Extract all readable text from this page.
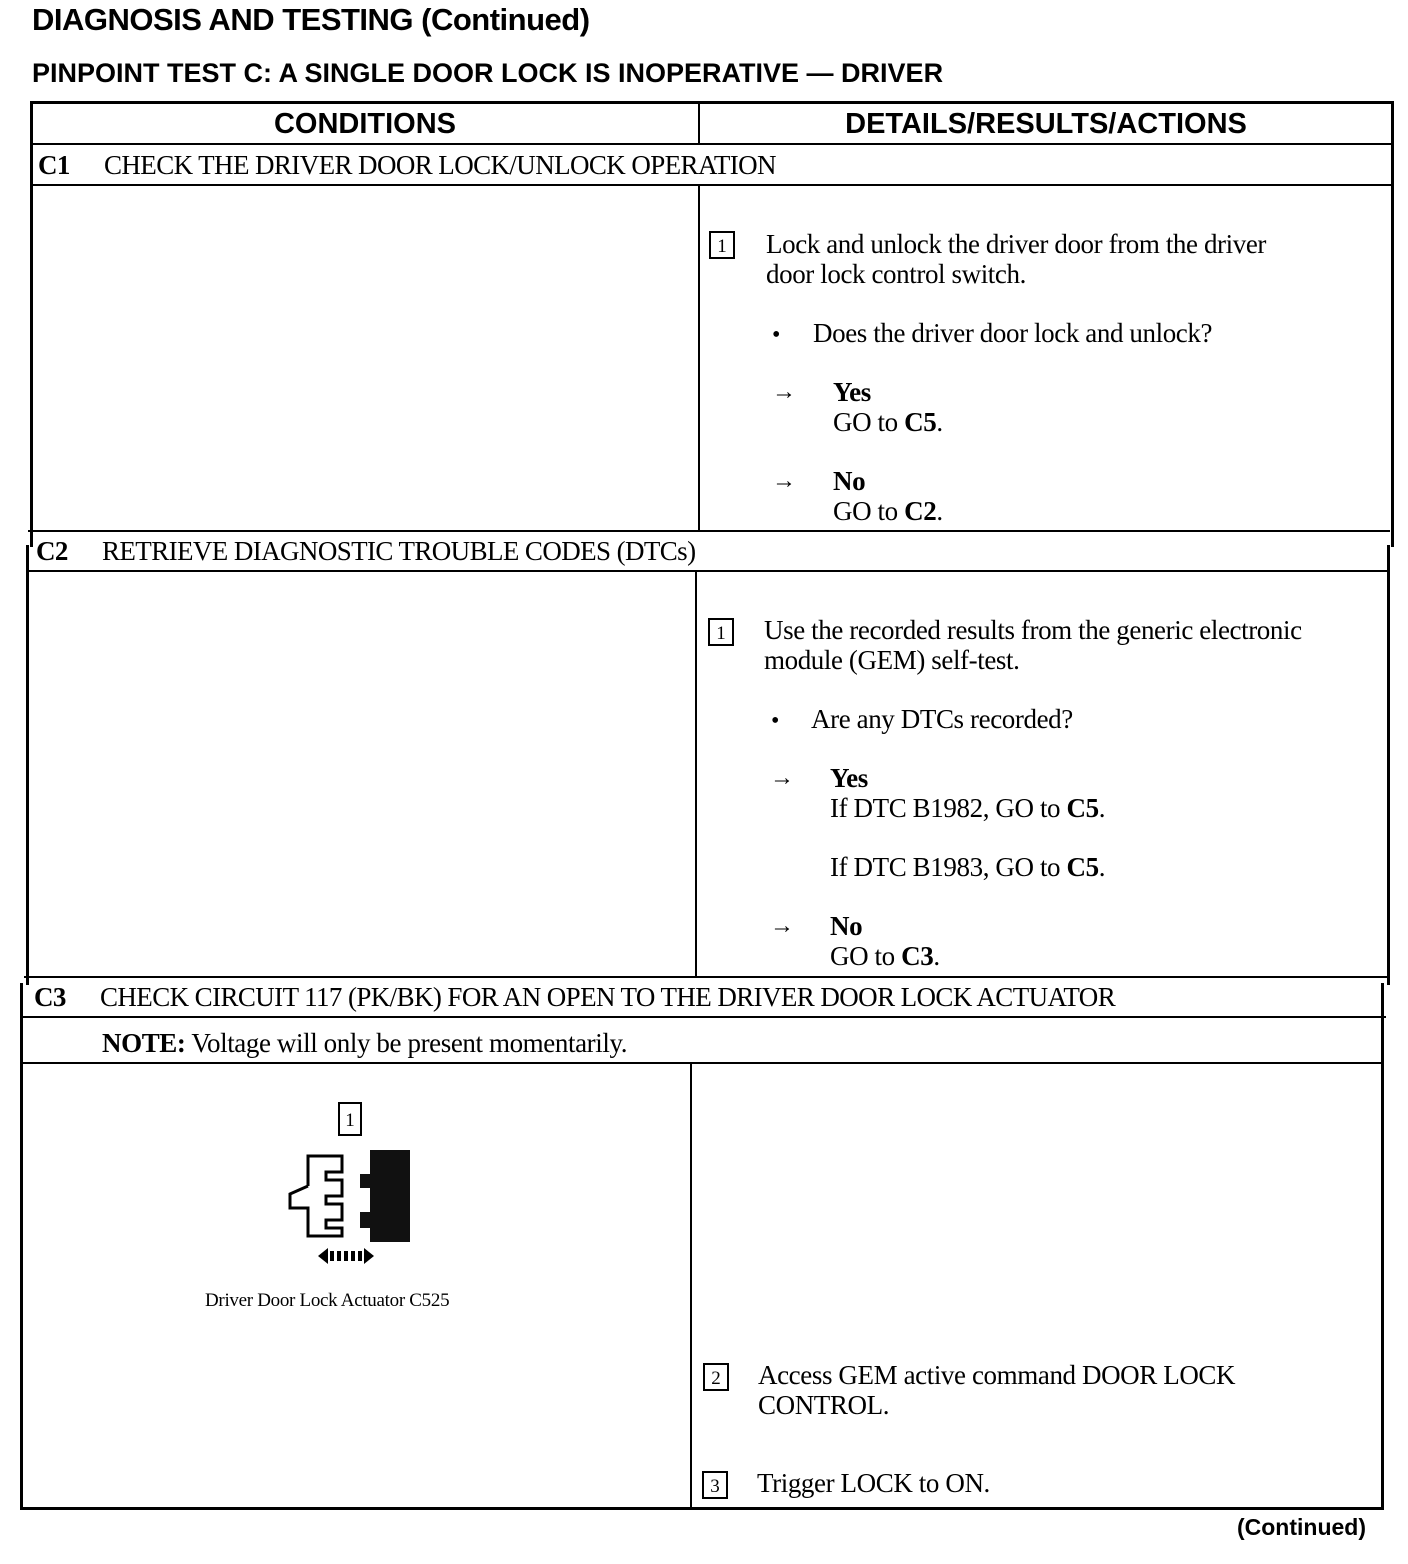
DIAGNOSIS AND TESTING (Continued)
PINPOINT TEST C: A SINGLE DOOR LOCK IS INOPERATIVE — DRIVER
CONDITIONS	DETAILS/RESULTS/ACTIONS
C1 CHECK THE DRIVER DOOR LOCK/UNLOCK OPERATION
1	Lock and unlock the driver door from the driver
door lock control switch.
• Does the driver door lock and unlock?
→ Yes
GO to C5.
→ No
GO to C2.
C2 RETRIEVE DIAGNOSTIC TROUBLE CODES (DTCs)
1	Use the recorded results from the generic electronic
module (GEM) self-test.
• Are any DTCs recorded?
→ Yes
If DTC B1982, GO to C5.
If DTC B1983, GO to C5.
→ No
GO to C3.
C3 CHECK CIRCUIT 117 (PK/BK) FOR AN OPEN TO THE DRIVER DOOR LOCK ACTUATOR
NOTE: Voltage will only be present momentarily.
1
Driver Door Lock Actuator C525
2	Access GEM active command DOOR LOCK
CONTROL.
3	Trigger LOCK to ON.
(Continued)
